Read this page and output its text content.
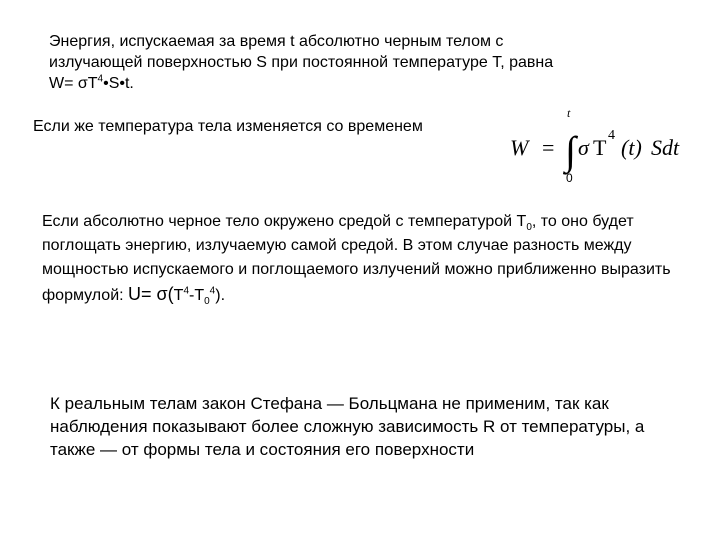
Энергия, испускаемая за время t абсолютно черным телом с
излучающей поверхностью S при постоянной температуре T, равна
$W= \sigma T^4•S•t$.

Если же температура тела изменяется со временем

W = ∫
t
0
σ T 4 (t) Sdt

Если абсолютно черное тело окружено средой с температурой $Т_0$, то оно будет поглощать энергию, излучаемую самой средой. В этом случае разность между мощностью испускаемого и поглощаемого излучений можно приближенно выразить формулой: $U= \sigma(Т^4-Т_0^4)$.

К реальным телам закон Стефана — Больцмана не применим, так как наблюдения показывают более сложную зависимость R от температуры, а также — от формы тела и состояния его поверхности
